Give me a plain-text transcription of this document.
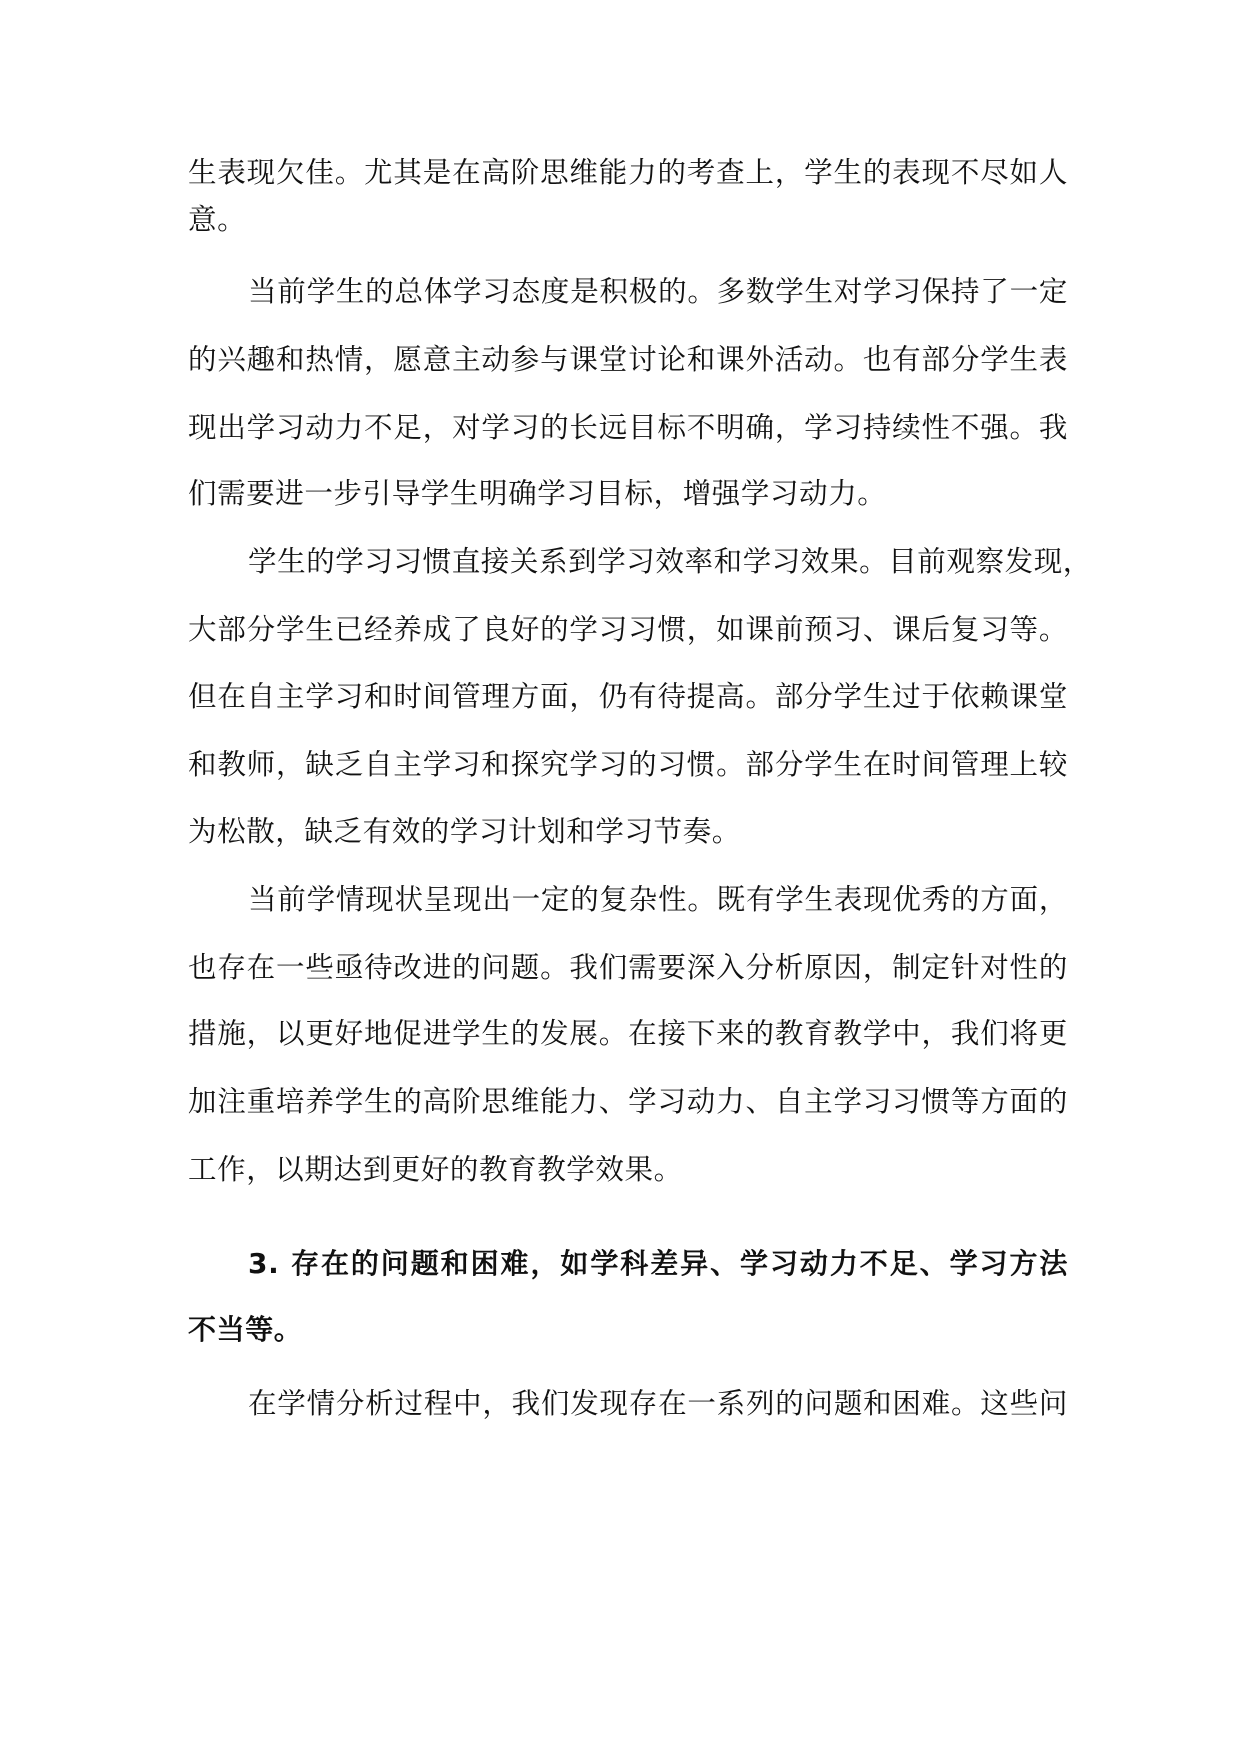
生表现欠佳。尤其是在高阶思维能力的考查上，学生的表现不尽如人
意。
当前学生的总体学习态度是积极的。多数学生对学习保持了一定
的兴趣和热情，愿意主动参与课堂讨论和课外活动。也有部分学生表
现出学习动力不足，对学习的长远目标不明确，学习持续性不强。我
们需要进一步引导学生明确学习目标，增强学习动力。
学生的学习习惯直接关系到学习效率和学习效果。目前观察发现，
大部分学生已经养成了良好的学习习惯，如课前预习、课后复习等。
但在自主学习和时间管理方面，仍有待提高。部分学生过于依赖课堂
和教师，缺乏自主学习和探究学习的习惯。部分学生在时间管理上较
为松散，缺乏有效的学习计划和学习节奏。
当前学情现状呈现出一定的复杂性。既有学生表现优秀的方面，
也存在一些亟待改进的问题。我们需要深入分析原因，制定针对性的
措施，以更好地促进学生的发展。在接下来的教育教学中，我们将更
加注重培养学生的高阶思维能力、学习动力、自主学习习惯等方面的
工作，以期达到更好的教育教学效果。
3. 存在的问题和困难，如学科差异、学习动力不足、学习方法
不当等。
在学情分析过程中，我们发现存在一系列的问题和困难。这些问
